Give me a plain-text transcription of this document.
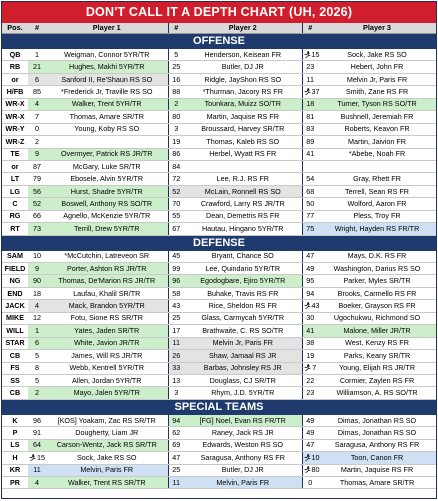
DON'T CALL IT A DEPTH CHART (UH, 2026)
Pos.	#	Player 1	#	Player 2	#	Player 3
OFFENSE						
QB	1	Weigman, Connor 5YR/TR	5	Henderson, Keisean FR	15	Sock, Jake RS SO
RB	21	Hughes, Makhi 5YR/TR	25	Butler, DJ JR	23	Hebert, John FR
or	6	Sanford II, Re'Shaun RS SO	16	Ridgle, JayShon RS SO	11	Melvin Jr, Paris FR
H/FB	85	*Frederick Jr, Traville RS SO	88	*Thurman, Jacory RS FR	37	Smith, Zane RS FR
WR-X	4	Walker, Trent 5YR/TR	2	Tounkara, Muizz SO/TR	18	Turner, Tyson RS SO/TR
WR-X	7	Thomas, Amare SR/TR	80	Martin, Jaquise RS FR	81	Bushnell, Jeremiah FR
WR-Y	0	Young, Koby RS SO	3	Broussard, Harvey SR/TR	83	Roberts, Keavon FR
WR-Z	2		19	Thomas, Kaleb RS SO	89	Martin, Jaivion FR
TE	9	Overmyer, Patrick RS JR/TR	86	Herbel, Wyatt RS FR	41	*Abebe, Noah FR
or	87	McGary, Luke SR/TR	84			
LT	79	Ebosele, Alvin 5YR/TR	72	Lee, R.J. RS FR	54	Gray, Rhett FR
LG	56	Hurst, Shadre 5YR/TR	52	McLain, Ronnell RS SO	68	Terrell, Sean RS FR
C	52	Boswell, Anthony RS SO/TR	70	Crawford, Larry RS JR/TR	50	Wolford, Aaron FR
RG	66	Agnello, McKenzie 5YR/TR	55	Dean, Demetris RS FR	77	Pless, Troy FR
RT	73	Terrill, Drew 5YR/TR	67	Hautau, Hingano 5YR/TR	75	Wright, Hayden RS FR/TR
DEFENSE						
SAM	10	*McCutchin, Latreveon SR	45	Bryant, Chance SO	47	Mays, D.K. RS FR
FIELD	9	Porter, Ashton RS JR/TR	99	Lee, Quindario 5YR/TR	49	Washington, Darius RS SO
NG	90	Thomas, De'Marion RS JR/TR	96	Egodogbare, Ejiro 5YR/TR	95	Parker, Myles SR/TR
END	18	Laufau, Khalil SR/TR	58	Buhake, Travis RS FR	94	Brooks, Carmello RS FR
JACK	4	Mack, Brandon 5YR/TR	43	Rice, Sheldon RS FR	43	Boeker, Grayson RS FR
MIKE	12	Fotu, Sione RS SR/TR	25	Glass, Carmycah 5YR/TR	30	Ugochukwu, Richmond SO
WILL	1	Yates, Jaden SR/TR	17	Brathwaite, C. RS SO/TR	41	Malone, Miller JR/TR
STAR	6	White, Javion JR/TR	11	Melvin Jr, Paris FR	38	West, Kenzy RS FR
CB	5	James, Will RS JR/TR	26	Shaw, Jamaal RS JR	19	Parks, Keany SR/TR
FS	8	Webb, Kentrell 5YR/TR	33	Barbas, Johnsley RS JR	7	Young, Elijah RS JR/TR
SS	5	Allen, Jordan 5YR/TR	13	Douglass, CJ SR/TR	22	Cormier, Zaylen RS FR
CB	2	Mayo, Jalen 5YR/TR	3	Rhym, J.D. 5YR/TR	23	Williamson, A. RS SO/TR
SPECIAL TEAMS						
K	96	[KOS] Yoakam, Zac RS SR/TR	94	[FG] Noel, Evan RS FR/TR	49	Dimas, Jonathan RS SO
P	91	Dougherty, Liam JR	62	Raney, Jack RS JR	49	Dimas, Jonathan RS SO
LS	64	Carson-Wentz, Jack RS SR/TR	69	Edwards, Weston RS SO	47	Saragusa, Anthony RS FR
H	15	Sock, Jake RS SO	47	Saragusa, Anthony RS FR	10	Toon, Canon FR
KR	11	Melvin, Paris FR	25	Butler, DJ JR	80	Martin, Jaquise RS FR
PR	4	Walker, Trent RS SR/TR	11	Melvin, Paris FR	0	Thomas, Amare SR/TR
